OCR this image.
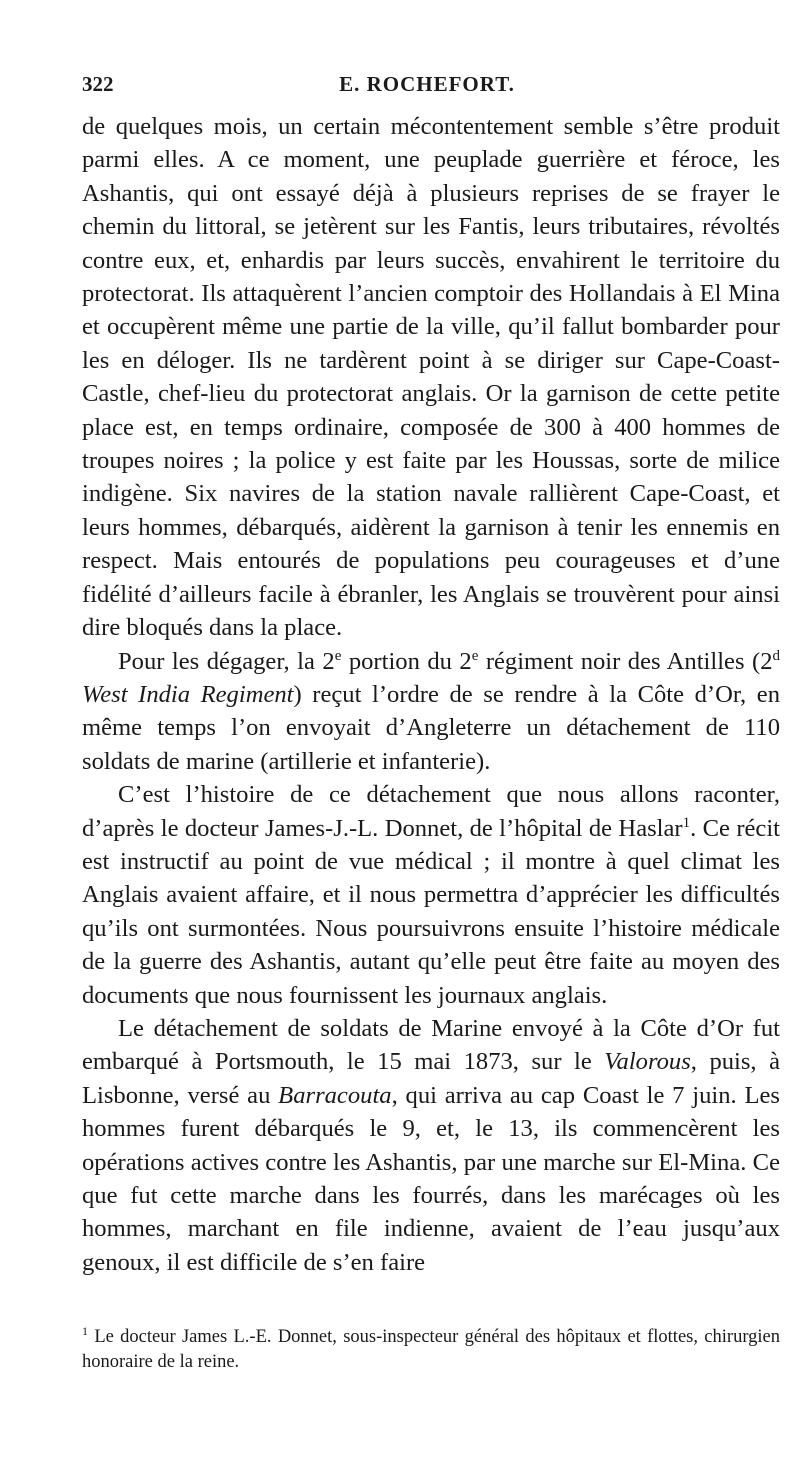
322	E. ROCHEFORT.

de quelques mois, un certain mécontentement semble s’être produit parmi elles. A ce moment, une peuplade guerrière et féroce, les Ashantis, qui ont essayé déjà à plusieurs reprises de se frayer le chemin du littoral, se jetèrent sur les Fantis, leurs tributaires, révoltés contre eux, et, enhardis par leurs succès, envahirent le territoire du protectorat. Ils attaquèrent l’ancien comptoir des Hollandais à El Mina et occupèrent même une partie de la ville, qu’il fallut bombarder pour les en déloger. Ils ne tardèrent point à se diriger sur Cape-Coast-Castle, chef-lieu du protectorat anglais. Or la garnison de cette petite place est, en temps ordinaire, composée de 300 à 400 hommes de troupes noires ; la police y est faite par les Houssas, sorte de milice indigène. Six navires de la station navale rallièrent Cape-Coast, et leurs hommes, débarqués, aidèrent la garnison à tenir les ennemis en respect. Mais entourés de populations peu courageuses et d’une fidélité d’ailleurs facile à ébranler, les Anglais se trouvèrent pour ainsi dire bloqués dans la place.

Pour les dégager, la 2e portion du 2e régiment noir des Antilles (2$^d$ West India Regiment) reçut l’ordre de se rendre à la Côte d’Or, en même temps l’on envoyait d’Angleterre un détachement de 110 soldats de marine (artillerie et infanterie).

C’est l’histoire de ce détachement que nous allons raconter, d’après le docteur James-J.-L. Donnet, de l’hôpital de Haslar$^1$. Ce récit est instructif au point de vue médical ; il montre à quel climat les Anglais avaient affaire, et il nous permettra d’apprécier les difficultés qu’ils ont surmontées. Nous poursuivrons ensuite l’histoire médicale de la guerre des Ashantis, autant qu’elle peut être faite au moyen des documents que nous fournissent les journaux anglais.

Le détachement de soldats de Marine envoyé à la Côte d’Or fut embarqué à Portsmouth, le 15 mai 1873, sur le Valorous, puis, à Lisbonne, versé au Barracouta, qui arriva au cap Coast le 7 juin. Les hommes furent débarqués le 9, et, le 13, ils commencèrent les opérations actives contre les Ashantis, par une marche sur El-Mina. Ce que fut cette marche dans les fourrés, dans les marécages où les hommes, marchant en file indienne, avaient de l’eau jusqu’aux genoux, il est difficile de s’en faire

$^1$ Le docteur James L.-E. Donnet, sous-inspecteur général des hôpitaux et flottes, chirurgien honoraire de la reine.
